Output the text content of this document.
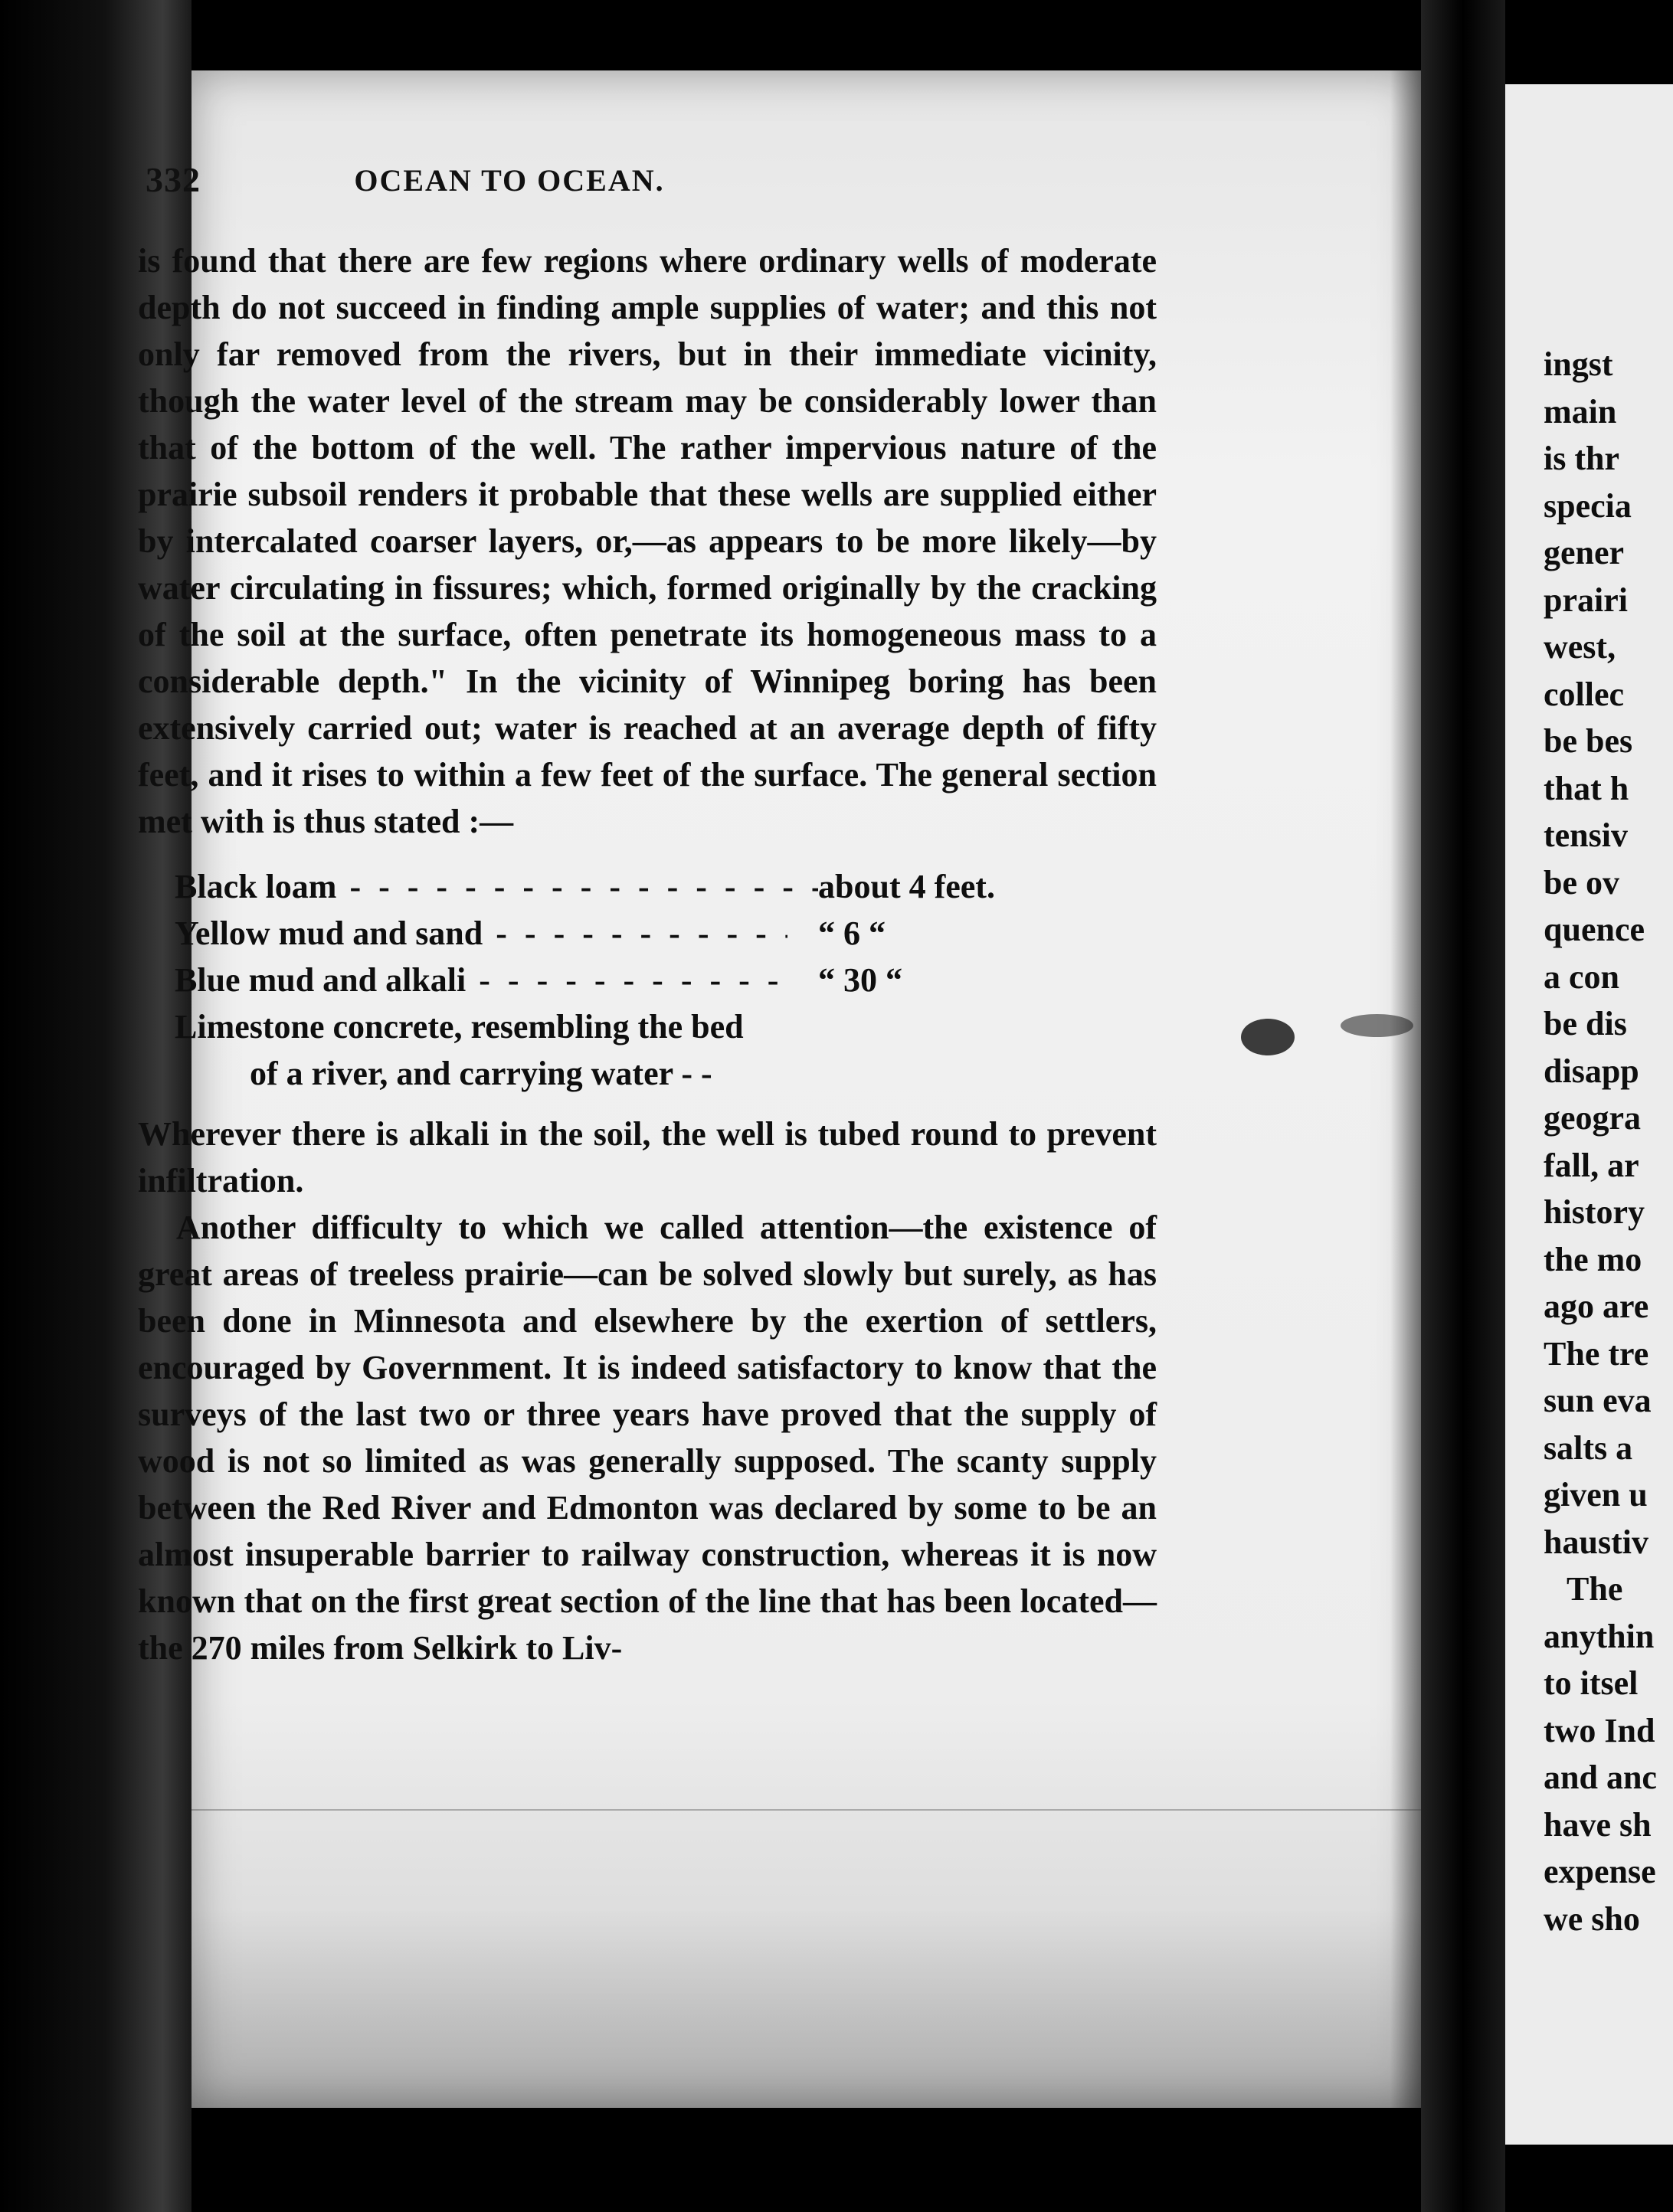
332	OCEAN TO OCEAN.

is found that there are few regions where ordinary wells of moderate depth do not succeed in finding ample supplies of water; and this not only far removed from the rivers, but in their immediate vicinity, though the water level of the stream may be considerably lower than that of the bottom of the well. The rather impervious nature of the prairie subsoil renders it probable that these wells are supplied either by intercalated coarser layers, or,—as appears to be more likely—by water circulating in fissures; which, formed originally by the cracking of the soil at the surface, often penetrate its homogeneous mass to a considerable depth." In the vicinity of Winnipeg boring has been extensively carried out; water is reached at an average depth of fifty feet, and it rises to within a few feet of the surface. The general section met with is thus stated :—

Black loam - - -	about 4 feet.
Yellow mud and sand - - -	“ 6 “
Blue mud and alkali - - -	“ 30 “
Limestone concrete, resembling the bed
of a river, and carrying water - -

Wherever there is alkali in the soil, the well is tubed round to prevent infiltration.

Another difficulty to which we called attention—the existence of great areas of treeless prairie—can be solved slowly but surely, as has been done in Minnesota and elsewhere by the exertion of settlers, encouraged by Government. It is indeed satisfactory to know that the surveys of the last two or three years have proved that the supply of wood is not so limited as was generally supposed. The scanty supply between the Red River and Edmonton was declared by some to be an almost insuperable barrier to railway construction, whereas it is now known that on the first great section of the line that has been located—the 270 miles from Selkirk to Liv-

ingst
main
is thr
specia
gener
prairi
west,
collec
be bes
that h
tensiv
be ov
quence
a con
be dis
disapp
geogra
fall, ar
history
the mo
ago are
The tre
sun eva
salts a
given u
haustiv
The
anythin
to itsel
two Ind
and anc
have sh
expense
we sho
